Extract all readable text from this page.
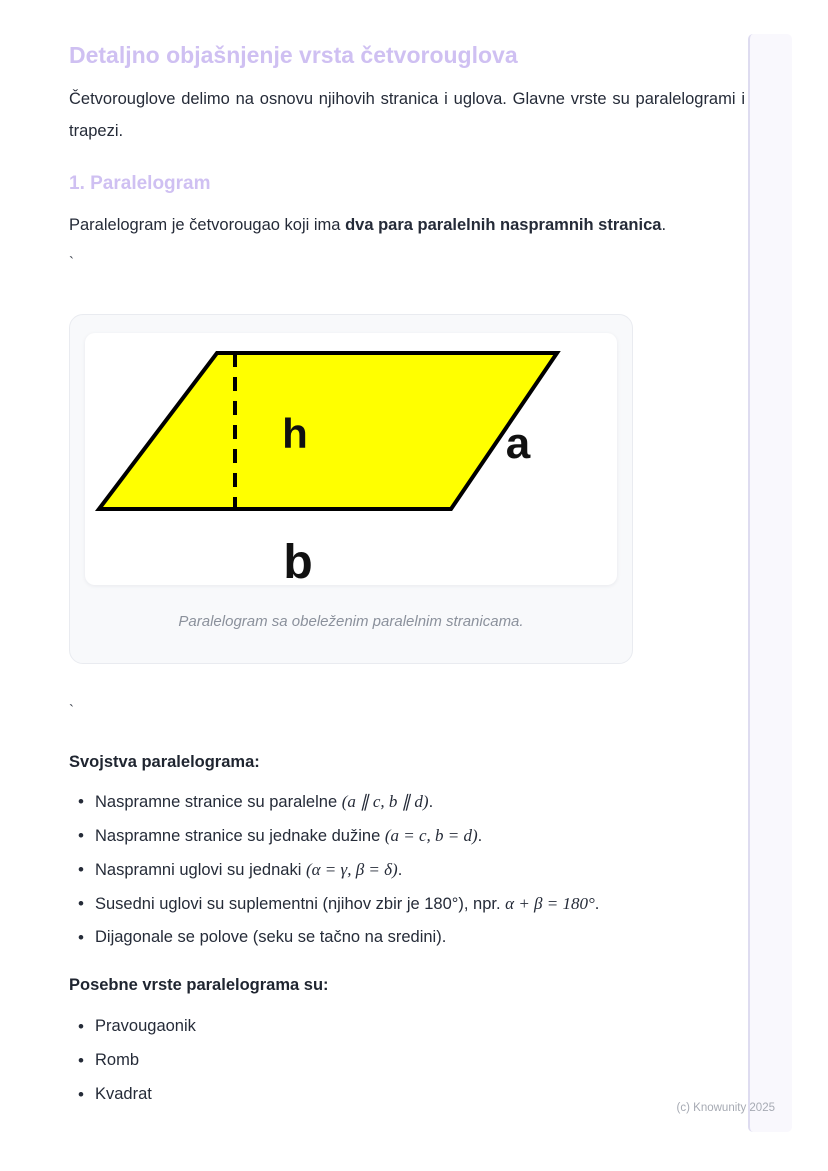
Detaljno objašnjenje vrsta četvorouglova

Četvorouglove delimo na osnovu njihovih stranica i uglova. Glavne vrste su paralelogrami i trapezi.

1. Paralelogram

Paralelogram je četvorougao koji ima dva para paralelnih naspramnih stranica.

`

h	a
b
Paralelogram sa obeleženim paralelnim stranicama.

`

Svojstva paralelograma:
• Naspramne stranice su paralelne (a ∥ c, b ∥ d).
• Naspramne stranice su jednake dužine (a = c, b = d).
• Naspramni uglovi su jednaki (α = γ, β = δ).
• Susedni uglovi su suplementni (njihov zbir je 180°), npr. α + β = 180°.
• Dijagonale se polove (seku se tačno na sredini).
Posebne vrste paralelograma su:
• Pravougaonik
• Romb
• Kvadrat
(c) Knowunity 2025
